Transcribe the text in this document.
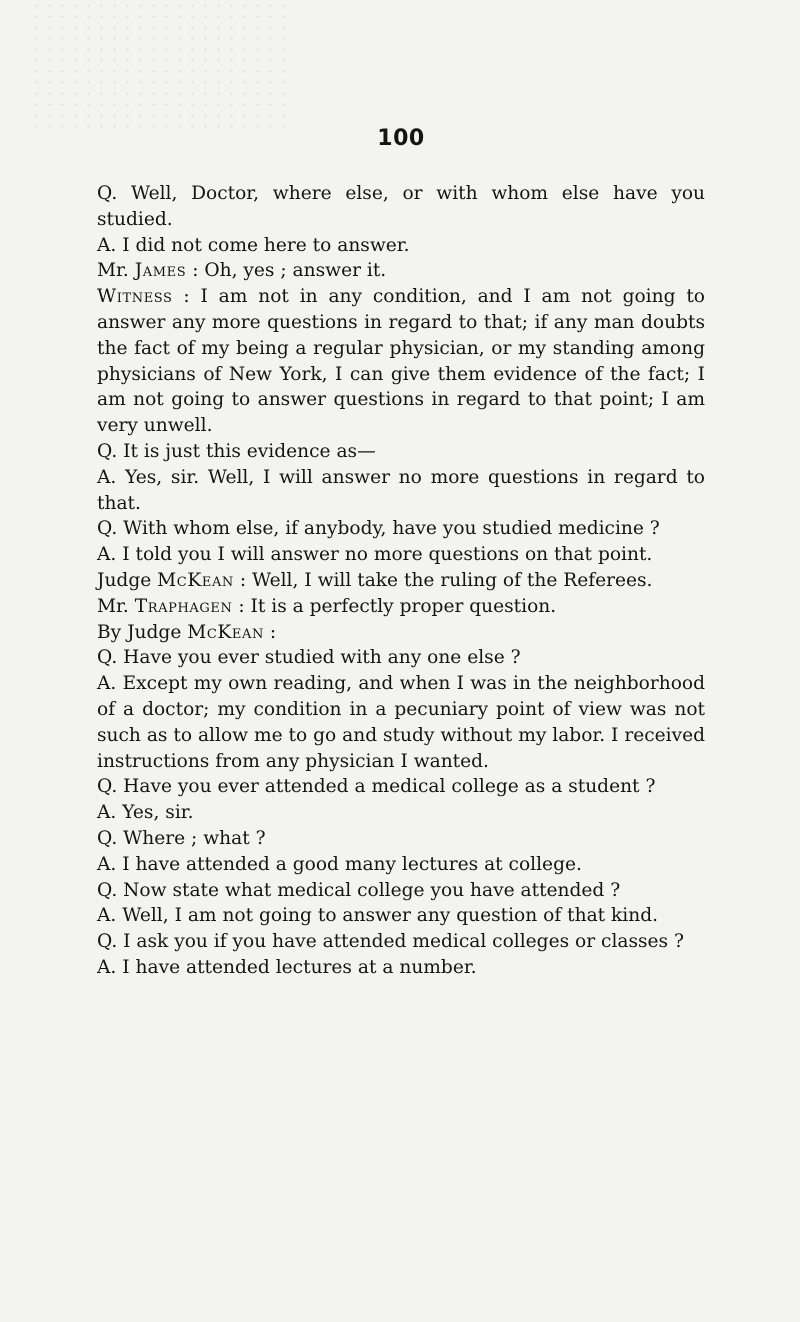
100

Q. Well, Doctor, where else, or with whom else have you studied.

A. I did not come here to answer.

Mr. James : Oh, yes ; answer it.

Witness : I am not in any condition, and I am not going to answer any more questions in regard to that; if any man doubts the fact of my being a regular physician, or my standing among physicians of New York, I can give them evidence of the fact; I am not going to answer questions in regard to that point; I am very unwell.

Q. It is just this evidence as—

A. Yes, sir. Well, I will answer no more questions in regard to that.

Q. With whom else, if anybody, have you studied medicine ?

A. I told you I will answer no more questions on that point.

Judge McKean : Well, I will take the ruling of the Referees.

Mr. Traphagen : It is a perfectly proper question.

By Judge McKean :

Q. Have you ever studied with any one else ?

A. Except my own reading, and when I was in the neighborhood of a doctor; my condition in a pecuniary point of view was not such as to allow me to go and study without my labor. I received instructions from any physician I wanted.

Q. Have you ever attended a medical college as a student ?

A. Yes, sir.

Q. Where ; what ?

A. I have attended a good many lectures at college.

Q. Now state what medical college you have attended ?

A. Well, I am not going to answer any question of that kind.

Q. I ask you if you have attended medical colleges or classes ?

A. I have attended lectures at a number.
